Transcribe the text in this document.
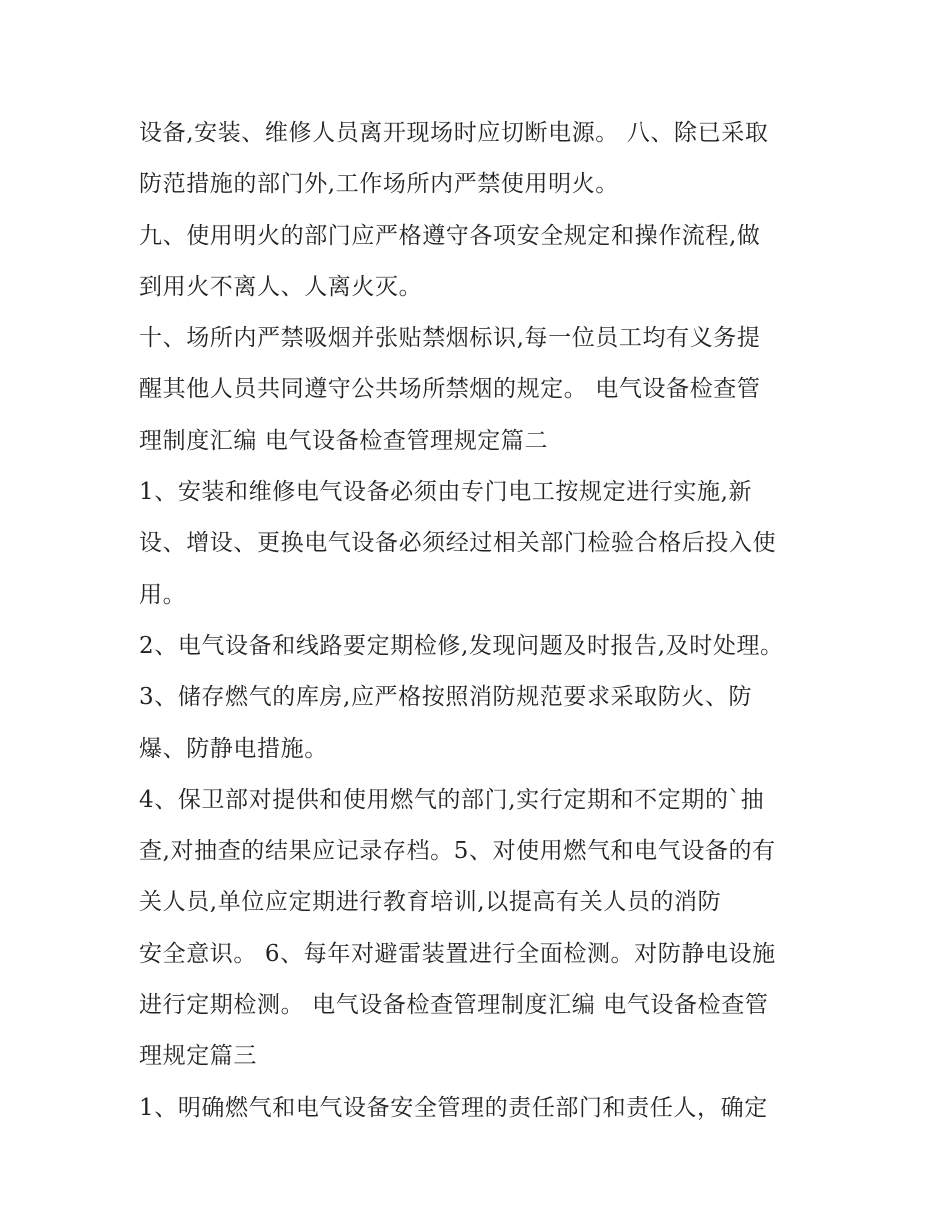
设备,安装、维修人员离开现场时应切断电源。 八、除已采取
防范措施的部门外,工作场所内严禁使用明火。
九、使用明火的部门应严格遵守各项安全规定和操作流程,做
到用火不离人、人离火灭。
十、场所内严禁吸烟并张贴禁烟标识,每一位员工均有义务提
醒其他人员共同遵守公共场所禁烟的规定。 电气设备检查管
理制度汇编 电气设备检查管理规定篇二
1、安装和维修电气设备必须由专门电工按规定进行实施,新
设、增设、更换电气设备必须经过相关部门检验合格后投入使
用。
2、电气设备和线路要定期检修,发现问题及时报告,及时处理。
3、储存燃气的库房,应严格按照消防规范要求采取防火、防
爆、防静电措施。
4、保卫部对提供和使用燃气的部门,实行定期和不定期的`抽
查,对抽查的结果应记录存档。5、对使用燃气和电气设备的有
关人员,单位应定期进行教育培训,以提高有关人员的消防
安全意识。 6、每年对避雷装置进行全面检测。对防静电设施
进行定期检测。 电气设备检查管理制度汇编 电气设备检查管
理规定篇三
1、明确燃气和电气设备安全管理的责任部门和责任人，确定
